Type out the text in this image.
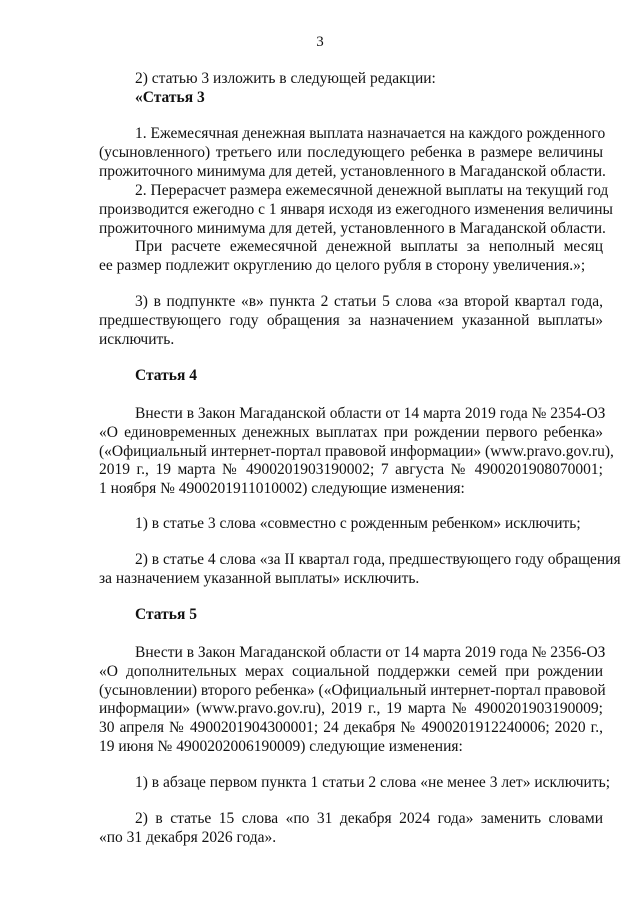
3
2) статью 3 изложить в следующей редакции:
«Статья 3
1. Ежемесячная денежная выплата назначается на каждого рожденного
(усыновленного) третьего или последующего ребенка в размере величины
прожиточного минимума для детей, установленного в Магаданской области.
2. Перерасчет размера ежемесячной денежной выплаты на текущий год
производится ежегодно с 1 января исходя из ежегодного изменения величины
прожиточного минимума для детей, установленного в Магаданской области.
При расчете ежемесячной денежной выплаты за неполный месяц
ее размер подлежит округлению до целого рубля в сторону увеличения.»;
3) в подпункте «в» пункта 2 статьи 5 слова «за второй квартал года,
предшествующего году обращения за назначением указанной выплаты»
исключить.
Статья 4
Внести в Закон Магаданской области от 14 марта 2019 года № 2354-ОЗ
«О единовременных денежных выплатах при рождении первого ребенка»
(«Официальный интернет-портал правовой информации» (www.pravo.gov.ru),
2019 г., 19 марта № 4900201903190002; 7 августа № 4900201908070001;
1 ноября № 4900201911010002) следующие изменения:
1) в статье 3 слова «совместно с рожденным ребенком» исключить;
2) в статье 4 слова «за II квартал года, предшествующего году обращения
за назначением указанной выплаты» исключить.
Статья 5
Внести в Закон Магаданской области от 14 марта 2019 года № 2356-ОЗ
«О дополнительных мерах социальной поддержки семей при рождении
(усыновлении) второго ребенка» («Официальный интернет-портал правовой
информации» (www.pravo.gov.ru), 2019 г., 19 марта № 4900201903190009;
30 апреля № 4900201904300001; 24 декабря № 4900201912240006; 2020 г.,
19 июня № 4900202006190009) следующие изменения:
1) в абзаце первом пункта 1 статьи 2 слова «не менее 3 лет» исключить;
2) в статье 15 слова «по 31 декабря 2024 года» заменить словами
«по 31 декабря 2026 года».
